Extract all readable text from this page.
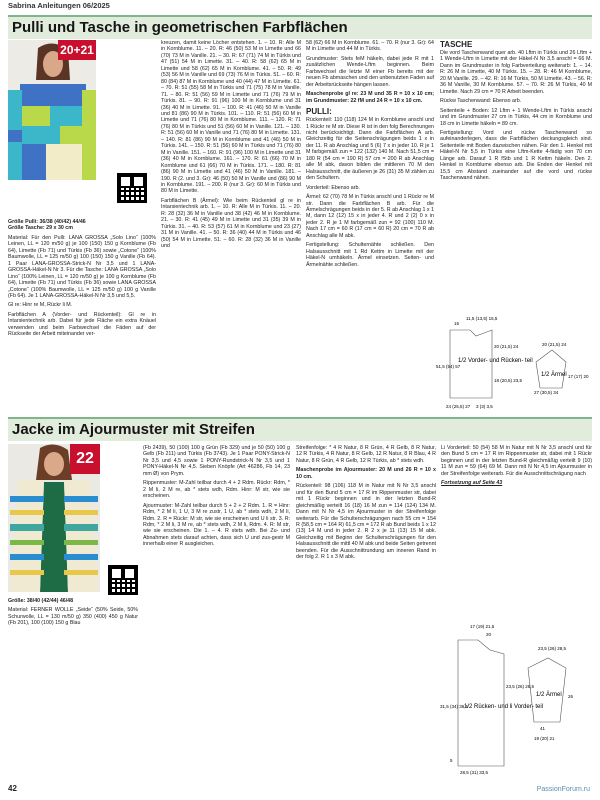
Sabrina Anleitungen 06/2025
Pulli und Tasche in geometrischen Farbflächen
20+21

Größe Pulli: 36/38 (40/42) 44/46

Größe Tasche: 29 x 30 cm

Material: Für den Pulli: LANA GROSSA „Solo Lino“ (100% Leinen, LL = 120 m/50 g) je 100 (150) 150 g Kornblume (Fb 64), Limette (Fb 71) und Türkis (Fb 36) sowie „Cotone“ (100% Baumwolle, LL = 125 m/50 g) 100 (150) 150 g Vanille (Fb 64). 1 Paar LANA-GROSSA-Strick-N Nr 3,5 und 1 LANA-GROSSA-Häkel-N Nr 3. Für die Tasche: LANA GROSSA „Solo Lino“ (100% Leinen, LL = 120 m/50 g) je 100 g Kornblume (Fb 64), Limette (Fb 71) und Türkis (Fb 36) sowie LANA GROSSA „Cotone“ (100% Baumwolle, LL = 125 m/50 g) 100 g Vanille (Fb 64). Je 1 LANA-GROSSA-Häkel-N Nr 3,5 und 5,5.

Gl re: Hinr re M, Rückr li M.

Farbflächen A (Vorder- und Rückenteil): Gl re in Intarsientechnik arb. Dabei für jede Fläche ein extra Knäuel verwenden und beim Farbwechsel die Fäden auf der Rückseite der Arbeit miteinander ver-

kreuzen, damit keine Löcher entstehen. 1. – 10. R: Alle M in Kornblume. 11. – 20. R: 46 (50) 53 M in Limette und 66 (70) 73 M in Vanille. 21. – 30. R: 67 (71) 74 M in Türkis und 47 (51) 54 M in Limette. 31. – 40. R: 58 (62) 65 M in Limette und 58 (62) 65 M in Kornblume. 41. – 50. R: 49 (53) 56 M in Vanille und 69 (73) 76 M in Türkis. 51. – 60. R: 80 (84) 87 M in Kornblume und 40 (44) 47 M in Limette. 61. – 70. R: 51 (55) 58 M in Türkis und 71 (75) 78 M in Vanille. 71. – 80. R: 51 (56) 59 M in Limette und 71 (76) 79 M in Türkis. 81. – 90. R: 91 (96) 100 M in Kornblume und 31 (36) 40 M in Limette. 91. – 100. R: 41 (46) 50 M in Vanille und 81 (86) 90 M in Türkis. 101. – 110. R: 51 (56) 60 M in Limette und 71 (76) 80 M in Kornblume. 111. – 120. R: 71 (76) 80 M in Türkis und 51 (56) 60 M in Vanille. 121. – 130. R: 51 (56) 60 M in Vanille und 71 (76) 80 M in Limette. 131. – 140. R: 81 (86) 90 M in Kornblume und 41 (46) 50 M in Türkis. 141. – 150. R: 51 (56) 60 M in Türkis und 71 (76) 80 M in Vanille. 151. – 160. R: 91 (96) 100 M in Limette und 31 (36) 40 M in Kornblume. 161. – 170. R: 61 (66) 70 M in Kornblume und 61 (66) 70 M in Türkis. 171. – 180. R: 81 (86) 90 M in Limette und 41 (46) 50 M in Vanille. 181. – 190. R (2. und 3. Gr): 46 (50) 50 M in Vanille und (86) 90 M in Kornblume. 191. – 200. R (nur 3. Gr): 60 M in Türkis und 80 M in Limette.

Farbflächen B (Ärmel): Wie beim Rückenteil gl re in Intarsientechnik arb. 1. – 10. R: Alle M in Türkis. 11. – 20. R: 28 (32) 36 M in Vanille und 38 (42) 46 M in Kornblume. 21. – 30. R: 41 (45) 49 M in Limette und 31 (35) 39 M in Türkis. 31. – 40. R: 53 (57) 61 M in Kornblume und 23 (27) 31 M in Vanille. 41. – 50. R: 36 (40) 44 M in Türkis und 46 (50) 54 M in Limette. 51. – 60. R: 28 (32) 36 M in Vanille und

58 (62) 66 M in Kornblume. 61. – 70. R (nur 3. Gr): 64 M in Limette und 44 M in Türkis.

Grundmuster: Stets feM häkeln, dabei jede R mit 1 zusätzlichen Wende-Lftm beginnen. Beim Farbwechsel die letzte M einer Fb bereits mit der neuen Fb abmaschen und den unbenutzten Faden auf der Arbeitsrückseite hängen lassen.

Maschenprobe gl re: 23 M und 35 R = 10 x 10 cm; im Grundmuster: 22 fM und 24 R = 10 x 10 cm.

PULLI:

Rückenteil: 110 (118) 124 M in Kornblume anschl und 1 Rückr re M str. Diese R ist in den folg Berechnungen nicht berücksichtigt. Dann die Farbflächen A arb. Gleichzeitig für die Seitenschrägungen beids 1 x in der 11. R ab Anschlag und 5 (6) 7 x in jeder 10. R je 1 M farbgemäß zun = 122 (132) 140 M. Nach 51,5 cm = 180 R (54 cm = 190 R) 57 cm = 200 R ab Anschlag alle M abk, davon bilden die mittleren 70 M den Halsausschnitt, die äußeren je 26 (31) 35 M zählen zu den Schultern.

Vorderteil: Ebenso arb.

Ärmel: 62 (70) 78 M in Türkis anschl und 1 Rückr re M str. Dann die Farbflächen B arb. Für die Ärmelschrägungen beids in der 5. R ab Anschlag 1 x 1 M, dann 12 (12) 15 x in jeder 4. R und 2 (2) 0 x in jeder 2. R je 1 M farbgemäß zun = 92 (100) 110 M. Nach 17 cm = 60 R (17 cm = 60 R) 20 cm = 70 R ab Anschlag alle M abk.

Fertigstellung: Schulternähte schließen. Den Halsausschnitt mit 1 Rd Kettm in Limette mit der Häkel-N umhäkeln. Ärmel einsetzen. Seiten- und Ärmelnähte schließen.

TASCHE

Die vord Taschenwand quer arb. 40 Lftm in Türkis und 26 Lftm + 1 Wende-Lftm in Limette mit der Häkel-N Nr 3,5 anschl = 66 M. Dann im Grundmuster in folg Farbverteilung weiterarb: 1. – 14. R: 26 M in Limette, 40 M Türkis. 15. – 28. R: 46 M Kornblume, 20 M Vanille. 29. – 42. R: 16 M Türkis, 50 M Limette. 43. – 56. R: 36 M Vanille, 30 M Kornblume. 57. – 70. R: 26 M Türkis, 40 M Limette. Nach 29 cm = 70 R Arbeit beenden.

Rückw Taschenwand: Ebenso arb.

Seitenteile + Boden: 12 Lftm + 1 Wende-Lftm in Türkis anschl und im Grundmuster 27 cm in Türkis, 44 cm in Kornblume und 18 cm in Limette häkeln = 89 cm.

Fertigstellung: Vord und rückw Taschenwand so aufeinanderlegen, dass die Farbflächen deckungsgleich sind. Seitenteile mit Boden dazwischen nähen. Für den 1. Henkel mit Häkel-N Nr 5,5 in Türkis eine Lftm-Kette 4-fädig von 70 cm Länge arb. Darauf 1 R fStb und 1 R Kettm häkeln. Den 2. Henkel in Kornblume ebenso arb. Die Enden der Henkel mit 15,5 cm Abstand zueinander auf die vord und rückw Taschenwand nähen.

1/2 Vorder- und Rücken- teil
1/2 Ärmel
15
11,5 (13,5) 15,5
20 (21,5) 24
51,5 (54) 57
18 (20,5) 23,5
24 (25,5) 27
20 (21,5) 24
17 (17) 20
27 (30,5) 34
3 (3) 3,5
Jacke im Ajourmuster mit Streifen
22

Größe: 38/40 (42/44) 46/48

Material: FERNER WOLLE „Seide“ (50% Seide, 50% Schurwolle, LL = 130 m/50 g) 350 (400) 450 g Natur (Fb 201), 100 (100) 150 g Blau

(Fb 2439), 50 (100) 100 g Grün (Fb 329) und je 50 (50) 100 g Gelb (Fb 211) und Türkis (Fb 3743). Je 1 Paar PONY-Strick-N Nr 3,5 und 4,5 sowie 1 PONY-Rundstrick-N Nr 3,5 und 1 PONY-Häkel-N Nr 4,5. Sieben Knöpfe (Art 46286, Fb 14, 23 mm Ø) von Prym.

Rippenmuster: M-Zahl teilbar durch 4 + 2 Rdm. Rückr: Rdm, * 2 M li, 2 M re, ab * stets wdh, Rdm. Hinr: M str, wie sie erscheinen.

Ajourmuster: M-Zahl teilbar durch 5 + 2 + 2 Rdm. 1. R = Hinr: Rdm, * 2 M li, 1 U, 3 M re zustr, 1 U, ab * stets wdh, 2 M li, Rdm. 2. R = Rückr: M str, wie sie erscheinen und U li str. 3. R: Rdm, * 2 M li, 3 M re, ab * stets wdh, 2 M li, Rdm. 4. R: M str, wie sie erscheinen. Die 1. – 4. R stets wdh. Bei Zu- und Abnahmen stets darauf achten, dass sich U und zus-gestr M innerhalb einer R ausgleichen.

Streifenfolge: * 4 R Natur, 8 R Grün, 4 R Gelb, 8 R Natur, 12 R Türkis, 4 R Natur, 8 R Gelb, 12 R Natur, 8 R Blau, 4 R Natur, 8 R Grün, 4 R Gelb, 12 R Türkis, ab * stets wdh.

Maschenprobe im Ajourmuster: 20 M und 26 R = 10 x 10 cm.

Rückenteil: 98 (106) 118 M in Natur mit N Nr 3,5 anschl und für den Bund 5 cm = 17 R im Rippenmuster str, dabei mit 1 Rückr beginnen und in der letzten Bund-R gleichmäßig verteilt 16 (18) 16 M zun = 114 (124) 134 M. Dann mit N Nr 4,5 im Ajourmuster in der Streifenfolge weiterarb. Für die Schulterschrägungen nach 55 cm = 154 R (58,5 cm = 164 R) 61,5 cm = 172 R ab Bund beids 1 x 12 (13) 14 M und in jeder 2. R 2 x je 11 (13) 15 M abk. Gleichzeitig mit Beginn der Schulterschrägungen für den Halsausschnitt die mittl 40 M abk und beide Seiten getrennt beenden. Für die Ausschnittrundung am inneren Rand in der folg 2. R 1 x 3 M abk.

Li Vorderteil: 50 (54) 58 M in Natur mit N Nr 3,5 anschl und für den Bund 5 cm = 17 R im Rippenmuster str, dabei mit 1 Rückr beginnen und in der letzten Bund-R gleichmäßig verteilt 9 (10) 11 M zun = 59 (64) 69 M. Dann mit N Nr 4,5 im Ajourmuster in der Streifenfolge weiterarb. Für die Ausschnittschrägung nach

Fortsetzung auf Seite 43

1/2 Rücken- und li Vorder- teil
1/2 Ärmel
20
17 (19) 21,5
23,5 (26) 28,5
31,5 (34) 36,5
5
28,5 (31) 33,5
23,5 (26) 28,5
26
41
19 (20) 21
42	PassionForum.ru
